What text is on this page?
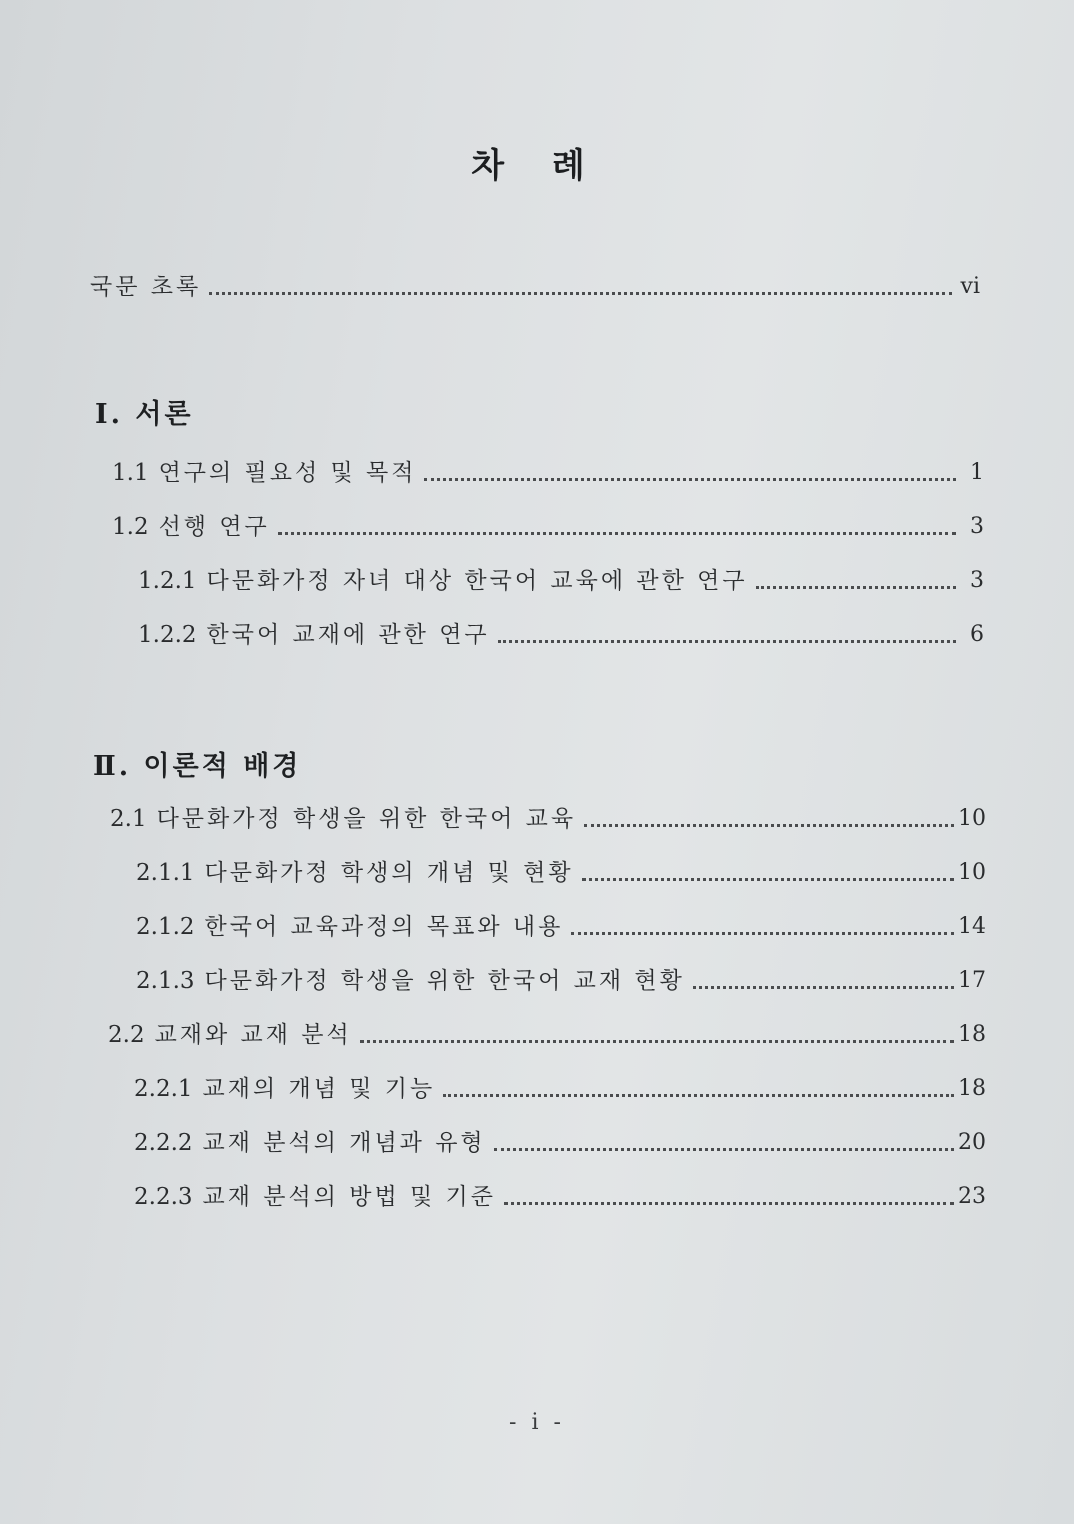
차 례
국문 초록	vi
Ⅰ. 서론
1.1 연구의 필요성 및 목적	1
1.2 선행 연구	3
1.2.1 다문화가정 자녀 대상 한국어 교육에 관한 연구	3
1.2.2 한국어 교재에 관한 연구	6
Ⅱ. 이론적 배경
2.1 다문화가정 학생을 위한 한국어 교육	10
2.1.1 다문화가정 학생의 개념 및 현황	10
2.1.2 한국어 교육과정의 목표와 내용	14
2.1.3 다문화가정 학생을 위한 한국어 교재 현황	17
2.2 교재와 교재 분석	18
2.2.1 교재의 개념 및 기능	18
2.2.2 교재 분석의 개념과 유형	20
2.2.3 교재 분석의 방법 및 기준	23
- i -
